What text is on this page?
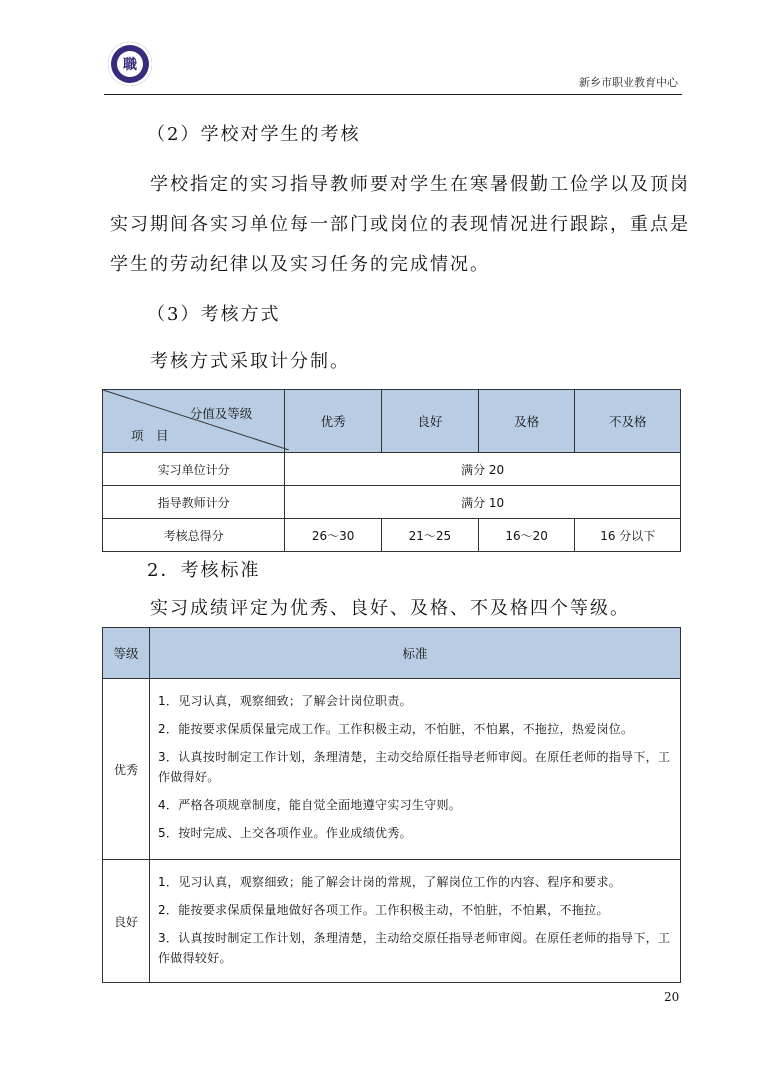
職
新乡市职业教育中心
（2）学校对学生的考核
学校指定的实习指导教师要对学生在寒暑假勤工俭学以及顶岗
实习期间各实习单位每一部门或岗位的表现情况进行跟踪，重点是
学生的劳动纪律以及实习任务的完成情况。
（3）考核方式
考核方式采取计分制。
分值及等级
项　目	优秀	良好	及格	不及格
实习单位计分	满分 20			
指导教师计分	满分 10			
考核总得分	26～30	21～25	16～20	16 分以下
2．考核标准
实习成绩评定为优秀、良好、及格、不及格四个等级。
等级	标准
优秀	1．见习认真，观察细致；了解会计岗位职责。
2．能按要求保质保量完成工作。工作积极主动，不怕脏，不怕累，不拖拉，热爱岗位。
3．认真按时制定工作计划，条理清楚，主动交给原任指导老师审阅。在原任老师的指导下，工作做得好。
4．严格各项规章制度，能自觉全面地遵守实习生守则。
5．按时完成、上交各项作业。作业成绩优秀。

良好	1．见习认真，观察细致；能了解会计岗的常规，了解岗位工作的内容、程序和要求。
2．能按要求保质保量地做好各项工作。工作积极主动，不怕脏，不怕累，不拖拉。
3．认真按时制定工作计划，条理清楚，主动给交原任指导老师审阅。在原任老师的指导下，工作做得较好。
20
